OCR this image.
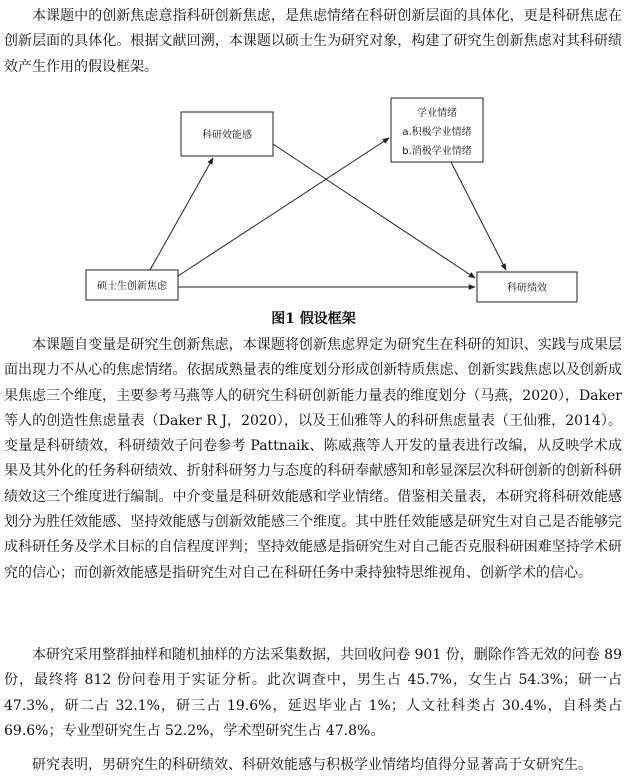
本课题中的创新焦虑意指科研创新焦虑，是焦虑情绪在科研创新层面的具体化，更是科研焦虑在创新层面的具体化。根据文献回溯，本课题以硕士生为研究对象，构建了研究生创新焦虑对其科研绩效产生作用的假设框架。

科研效能感
学业情绪
a.积极学业情绪
b.消极学业情绪
硕士生创新焦虑	科研绩效
图1 假设框架

本课题自变量是研究生创新焦虑，本课题将创新焦虑界定为研究生在科研的知识、实践与成果层面出现力不从心的焦虑情绪。依据成熟量表的维度划分形成创新特质焦虑、创新实践焦虑以及创新成果焦虑三个维度，主要参考马燕等人的研究生科研创新能力量表的维度划分（马燕，2020），Daker等人的创造性焦虑量表（Daker R J，2020），以及王仙雅等人的科研焦虑量表（王仙雅，2014）。变量是科研绩效，科研绩效子问卷参考 Pattnaik、陈威燕等人开发的量表进行改编，从反映学术成果及其外化的任务科研绩效、折射科研努力与态度的科研奉献感知和彰显深层次科研创新的创新科研绩效这三个维度进行编制。中介变量是科研效能感和学业情绪。借鉴相关量表，本研究将科研效能感划分为胜任效能感、坚持效能感与创新效能感三个维度。其中胜任效能感是研究生对自己是否能够完成科研任务及学术目标的自信程度评判；坚持效能感是指研究生对自己能否克服科研困难坚持学术研究的信心；而创新效能感是指研究生对自己在科研任务中秉持独特思维视角、创新学术的信心。

本研究采用整群抽样和随机抽样的方法采集数据，共回收问卷 901 份，删除作答无效的问卷 89 份，最终将 812 份问卷用于实证分析。此次调查中，男生占 45.7%，女生占 54.3%；研一占 47.3%，研二占 32.1%，研三占 19.6%，延迟毕业占 1%；人文社科类占 30.4%，自科类占 69.6%；专业型研究生占 52.2%，学术型研究生占 47.8%。

研究表明，男研究生的科研绩效、科研效能感与积极学业情绪均值得分显著高于女研究生。
